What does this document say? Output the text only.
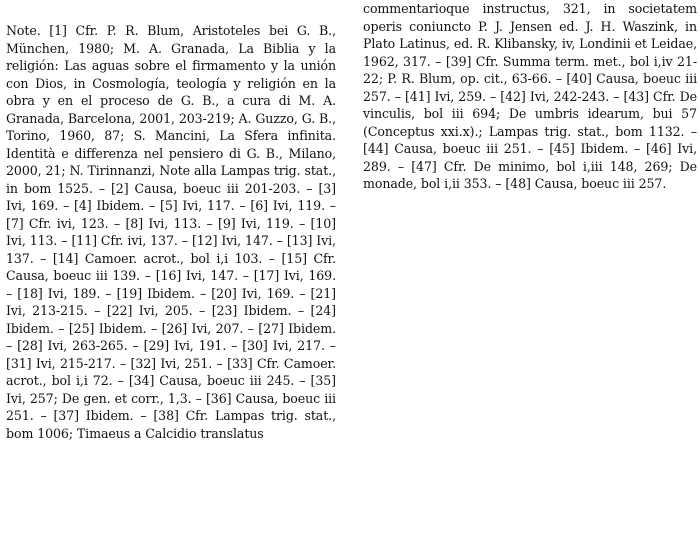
Note. [1] Cfr. P. R. Blum, Aristoteles bei G. B., München, 1980; M. A. Granada, La Biblia y la religión: Las aguas sobre el firmamento y la unión con Dios, in Cosmología, teología y religión en la obra y en el proceso de G. B., a cura di M. A. Granada, Barcelona, 2001, 203-219; A. Guzzo, G. B., Torino, 1960, 87; S. Mancini, La Sfera infinita. Identità e differenza nel pensiero di G. B., Milano, 2000, 21; N. Tirinnanzi, Note alla Lampas trig. stat., in bom 1525. – [2] Causa, boeuc iii 201-203. – [3] Ivi, 169. – [4] Ibidem. – [5] Ivi, 117. – [6] Ivi, 119. – [7] Cfr. ivi, 123. – [8] Ivi, 113. – [9] Ivi, 119. – [10] Ivi, 113. – [11] Cfr. ivi, 137. – [12] Ivi, 147. – [13] Ivi, 137. – [14] Camoer. acrot., bol i,i 103. – [15] Cfr. Causa, boeuc iii 139. – [16] Ivi, 147. – [17] Ivi, 169. – [18] Ivi, 189. – [19] Ibidem. – [20] Ivi, 169. – [21] Ivi, 213-215. – [22] Ivi, 205. – [23] Ibidem. – [24] Ibidem. – [25] Ibidem. – [26] Ivi, 207. – [27] Ibidem. – [28] Ivi, 263-265. – [29] Ivi, 191. – [30] Ivi, 217. – [31] Ivi, 215-217. – [32] Ivi, 251. – [33] Cfr. Camoer. acrot., bol i,i 72. – [34] Causa, boeuc iii 245. – [35] Ivi, 257; De gen. et corr., 1,3. – [36] Causa, boeuc iii 251. – [37] Ibidem. – [38] Cfr. Lampas trig. stat., bom 1006; Timaeus a Calcidio translatus

commentarioque instructus, 321, in societatem operis coniuncto P. J. Jensen ed. J. H. Waszink, in Plato Latinus, ed. R. Klibansky, iv, Londinii et Leidae, 1962, 317. – [39] Cfr. Summa term. met., bol i,iv 21-22; P. R. Blum, op. cit., 63-66. – [40] Causa, boeuc iii 257. – [41] Ivi, 259. – [42] Ivi, 242-243. – [43] Cfr. De vinculis, bol iii 694; De umbris idearum, bui 57 (Conceptus xxi.x).; Lampas trig. stat., bom 1132. – [44] Causa, boeuc iii 251. – [45] Ibidem. – [46] Ivi, 289. – [47] Cfr. De minimo, bol i,iii 148, 269; De monade, bol i,ii 353. – [48] Causa, boeuc iii 257.
